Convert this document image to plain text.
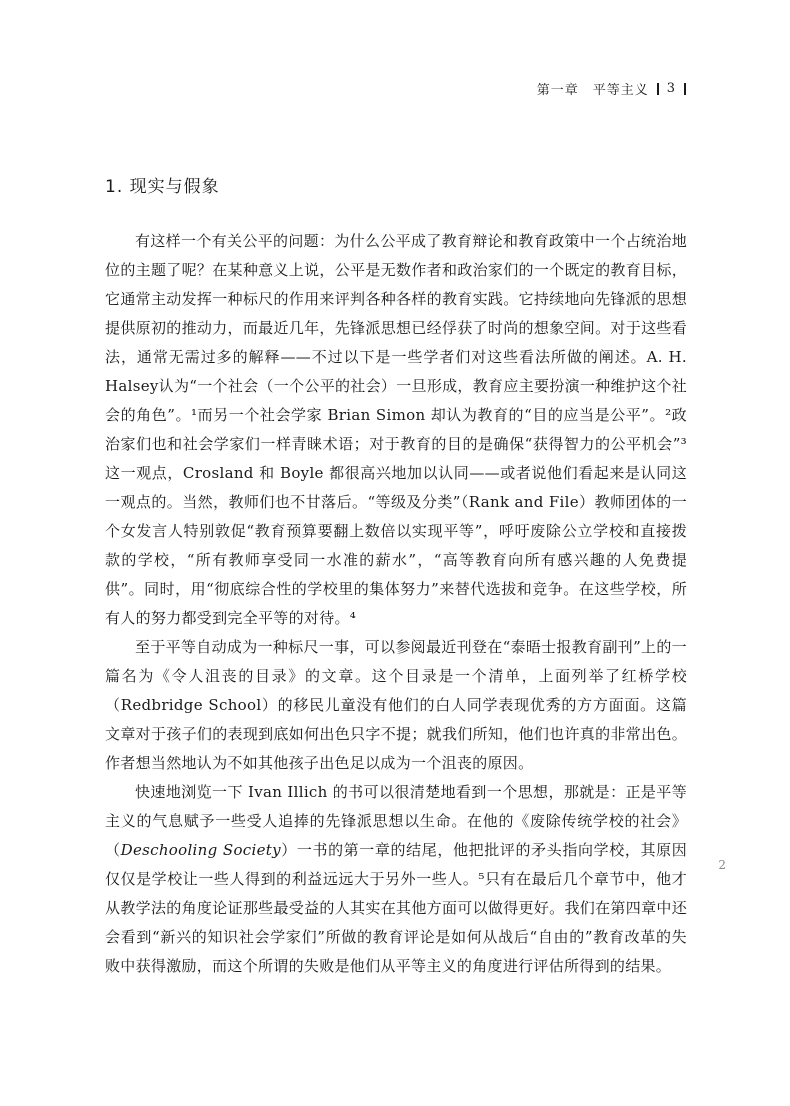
第一章 平等主义 3
1. 现实与假象

有这样一个有关公平的问题：为什么公平成了教育辩论和教育政策中一个占统治地位的主题了呢？在某种意义上说，公平是无数作者和政治家们的一个既定的教育目标，它通常主动发挥一种标尺的作用来评判各种各样的教育实践。它持续地向先锋派的思想提供原初的推动力，而最近几年，先锋派思想已经俘获了时尚的想象空间。对于这些看法，通常无需过多的解释——不过以下是一些学者们对这些看法所做的阐述。A. H. Halsey认为“一个社会（一个公平的社会）一旦形成，教育应主要扮演一种维护这个社会的角色”。¹而另一个社会学家 Brian Simon 却认为教育的“目的应当是公平”。²政治家们也和社会学家们一样青睐术语；对于教育的目的是确保“获得智力的公平机会”³这一观点，Crosland 和 Boyle 都很高兴地加以认同——或者说他们看起来是认同这一观点的。当然，教师们也不甘落后。“等级及分类”（Rank and File）教师团体的一个女发言人特别敦促“教育预算要翻上数倍以实现平等”，呼吁废除公立学校和直接拨款的学校，“所有教师享受同一水准的薪水”，“高等教育向所有感兴趣的人免费提供”。同时，用“彻底综合性的学校里的集体努力”来替代选拔和竞争。在这些学校，所有人的努力都受到完全平等的对待。⁴

至于平等自动成为一种标尺一事，可以参阅最近刊登在“泰晤士报教育副刊”上的一篇名为《令人沮丧的目录》的文章。这个目录是一个清单，上面列举了红桥学校（Redbridge School）的移民儿童没有他们的白人同学表现优秀的方方面面。这篇文章对于孩子们的表现到底如何出色只字不提；就我们所知，他们也许真的非常出色。作者想当然地认为不如其他孩子出色足以成为一个沮丧的原因。

快速地浏览一下 Ivan Illich 的书可以很清楚地看到一个思想，那就是：正是平等主义的气息赋予一些受人追捧的先锋派思想以生命。在他的《废除传统学校的社会》（Deschooling Society）一书的第一章的结尾，他把批评的矛头指向学校，其原因仅仅是学校让一些人得到的利益远远大于另外一些人。⁵只有在最后几个章节中，他才从教学法的角度论证那些最受益的人其实在其他方面可以做得更好。我们在第四章中还会看到“新兴的知识社会学家们”所做的教育评论是如何从战后“自由的”教育改革的失败中获得激励，而这个所谓的失败是他们从平等主义的角度进行评估所得到的结果。

2
